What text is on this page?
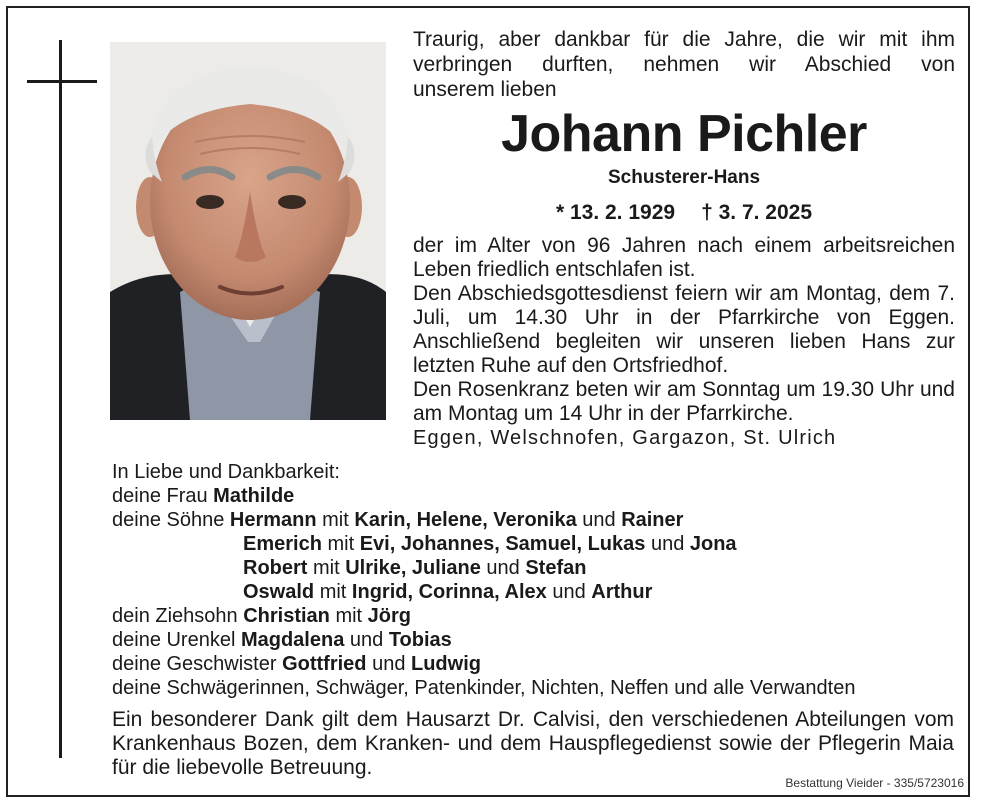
Traurig, aber dankbar für die Jahre, die wir mit ihm
verbringen durften, nehmen wir Abschied von
unserem lieben
Johann Pichler
Schusterer-Hans
* 13. 2. 1929 † 3. 7. 2025

der im Alter von 96 Jahren nach einem arbeitsreichen Leben friedlich entschlafen ist.

Den Abschiedsgottesdienst feiern wir am Montag, dem 7. Juli, um 14.30 Uhr in der Pfarrkirche von Eggen. Anschließend begleiten wir unseren lieben Hans zur letzten Ruhe auf den Ortsfriedhof.

Den Rosenkranz beten wir am Sonntag um 19.30 Uhr und am Montag um 14 Uhr in der Pfarrkirche.

Eggen, Welschnofen, Gargazon, St. Ulrich
In Liebe und Dankbarkeit:
deine Frau Mathilde
deine Söhne Hermann mit Karin, Helene, Veronika und Rainer
Emerich mit Evi, Johannes, Samuel, Lukas und Jona
Robert mit Ulrike, Juliane und Stefan
Oswald mit Ingrid, Corinna, Alex und Arthur
dein Ziehsohn Christian mit Jörg
deine Urenkel Magdalena und Tobias
deine Geschwister Gottfried und Ludwig
deine Schwägerinnen, Schwäger, Patenkinder, Nichten, Neffen und alle Verwandten

Ein besonderer Dank gilt dem Hausarzt Dr. Calvisi, den verschiedenen Abteilungen vom Krankenhaus Bozen, dem Kranken- und dem Hauspflegedienst sowie der Pflegerin Maia für die liebevolle Betreuung.

Bestattung Vieider - 335/5723016
